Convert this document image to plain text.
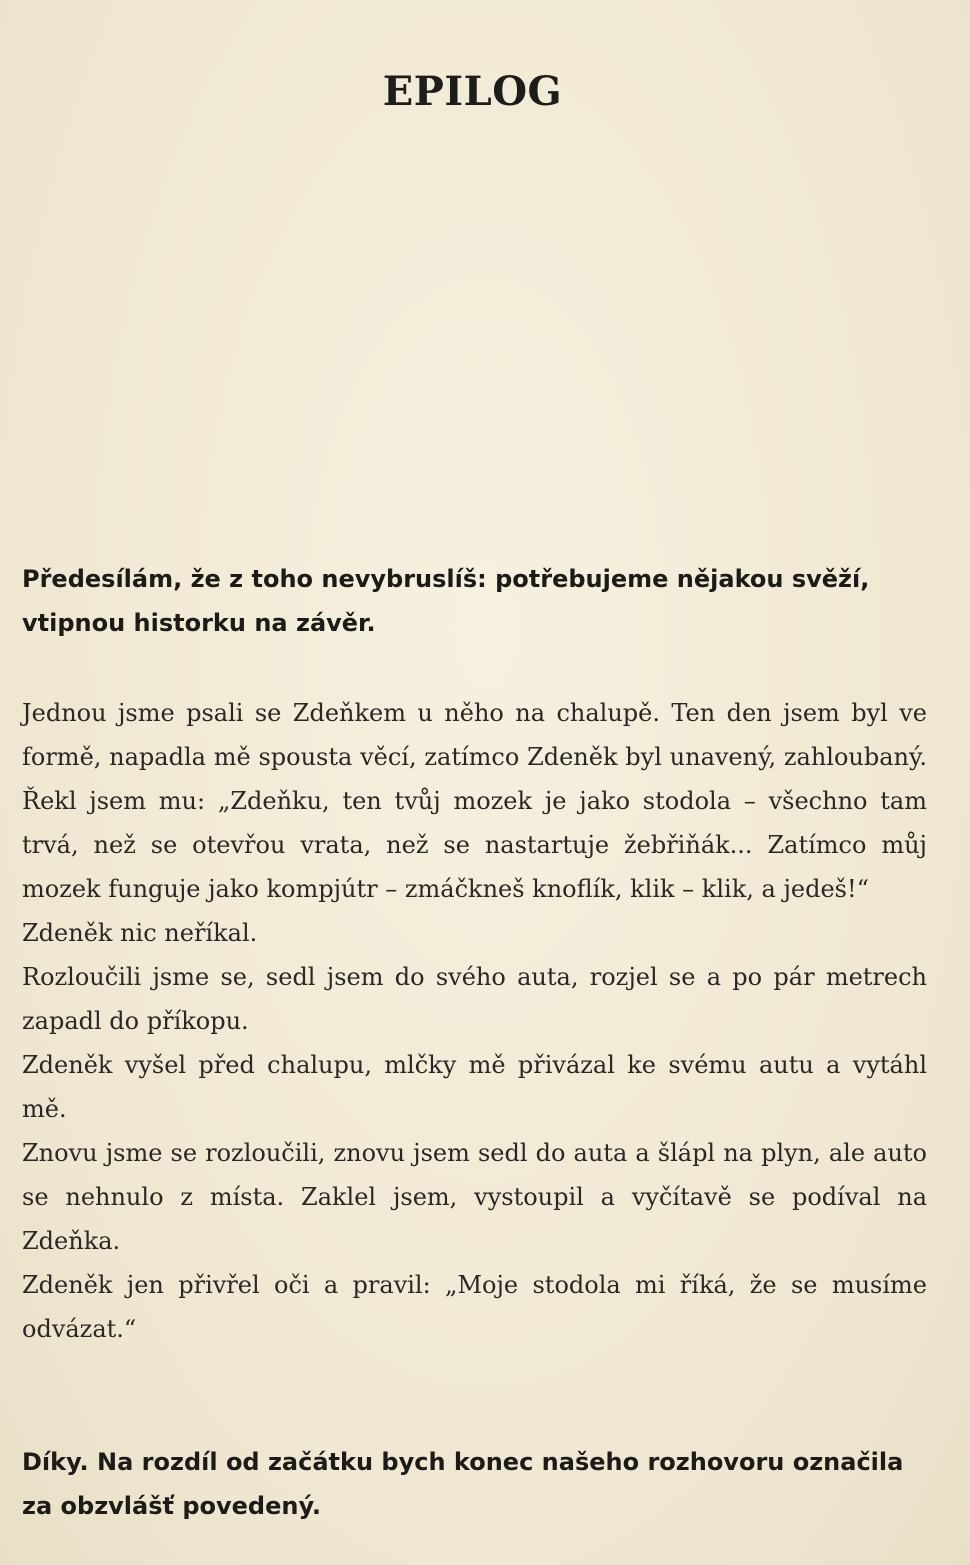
EPILOG

Předesílám, že z toho nevybruslíš: potřebujeme nějakou svěží, vtipnou historku na závěr.

Jednou jsme psali se Zdeňkem u něho na chalupě. Ten den jsem byl ve formě, napadla mě spousta věcí, zatímco Zdeněk byl unavený, zahloubaný. Řekl jsem mu: „Zdeňku, ten tvůj mozek je jako stodola – všechno tam trvá, než se otevřou vrata, než se nastartuje žebřiňák... Zatímco můj mozek funguje jako kompjútr – zmáčkneš knoflík, klik – klik, a jedeš!“

Zdeněk nic neříkal.

Rozloučili jsme se, sedl jsem do svého auta, rozjel se a po pár metrech zapadl do příkopu.

Zdeněk vyšel před chalupu, mlčky mě přivázal ke svému autu a vytáhl mě.

Znovu jsme se rozloučili, znovu jsem sedl do auta a šlápl na plyn, ale auto se nehnulo z místa. Zaklel jsem, vystoupil a vyčítavě se podíval na Zdeňka.

Zdeněk jen přivřel oči a pravil: „Moje stodola mi říká, že se musíme odvázat.“

Díky. Na rozdíl od začátku bych konec našeho rozhovoru označila za obzvlášť povedený.
